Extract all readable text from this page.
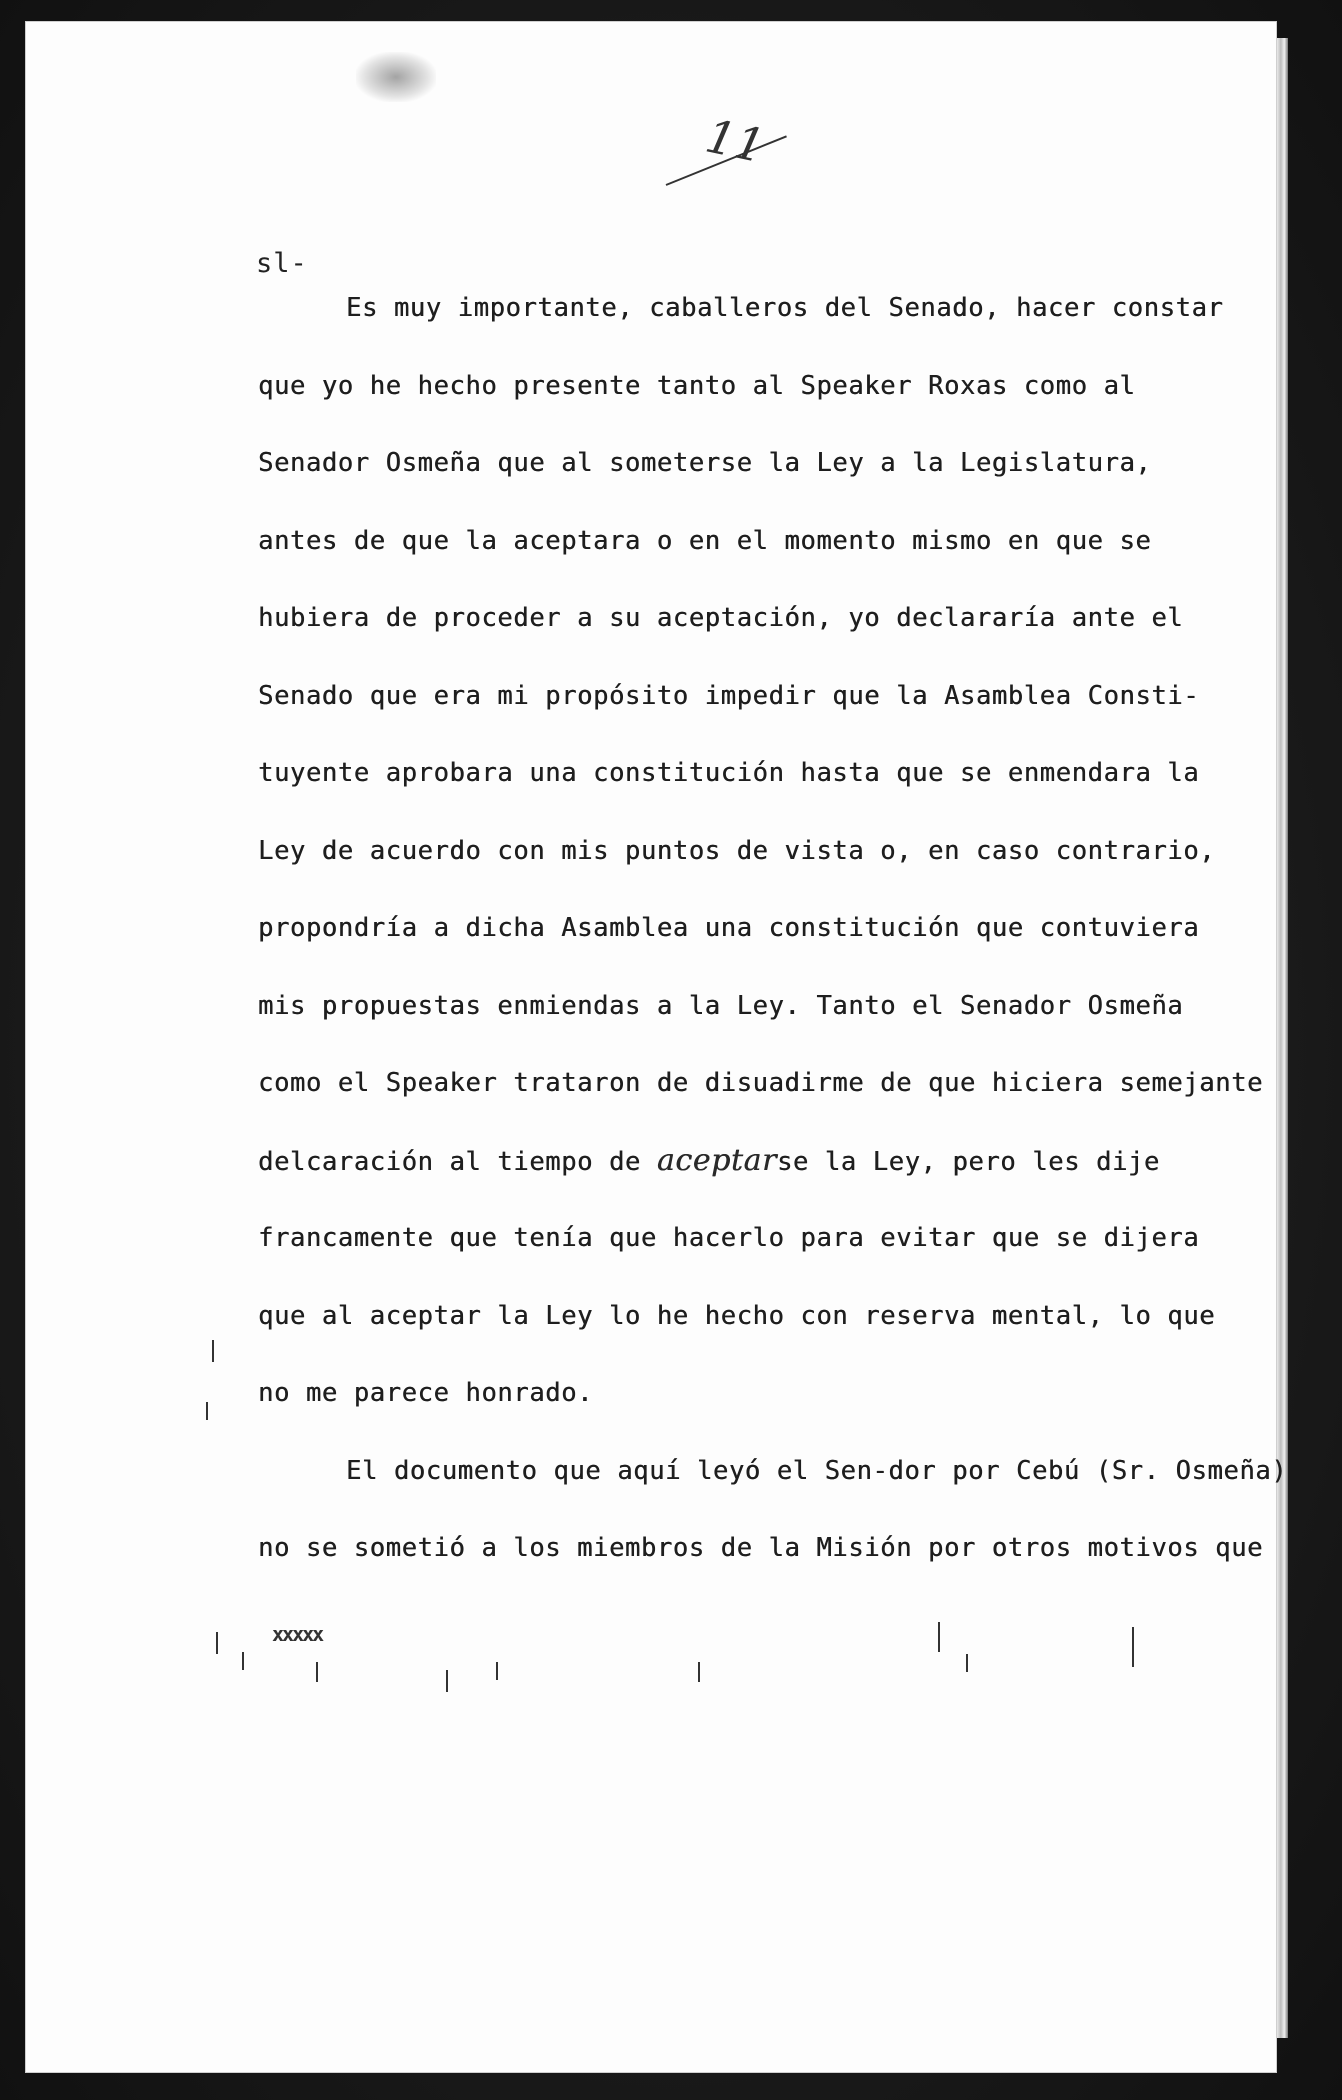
11
sl-
Es muy importante, caballeros del Senado, hacer constar
que yo he hecho presente tanto al Speaker Roxas como al
Senador Osmeña que al someterse la Ley a la Legislatura,
antes de que la aceptara o en el momento mismo en que se
hubiera de proceder a su aceptación, yo declararía ante el
Senado que era mi propósito impedir que la Asamblea Consti-
tuyente aprobara una constitución hasta que se enmendara la
Ley de acuerdo con mis puntos de vista o, en caso contrario,
propondría a dicha Asamblea una constitución que contuviera
mis propuestas enmiendas a la Ley. Tanto el Senador Osmeña
como el Speaker trataron de disuadirme de que hiciera semejante
delcaración al tiempo de aceptarse la Ley, pero les dije
francamente que tenía que hacerlo para evitar que se dijera
que al aceptar la Ley lo he hecho con reserva mental, lo que
no me parece honrado.
El documento que aquí leyó el Sen-dor por Cebú (Sr. Osmeña)
no se sometió a los miembros de la Misión por otros motivos que
xxxxx
